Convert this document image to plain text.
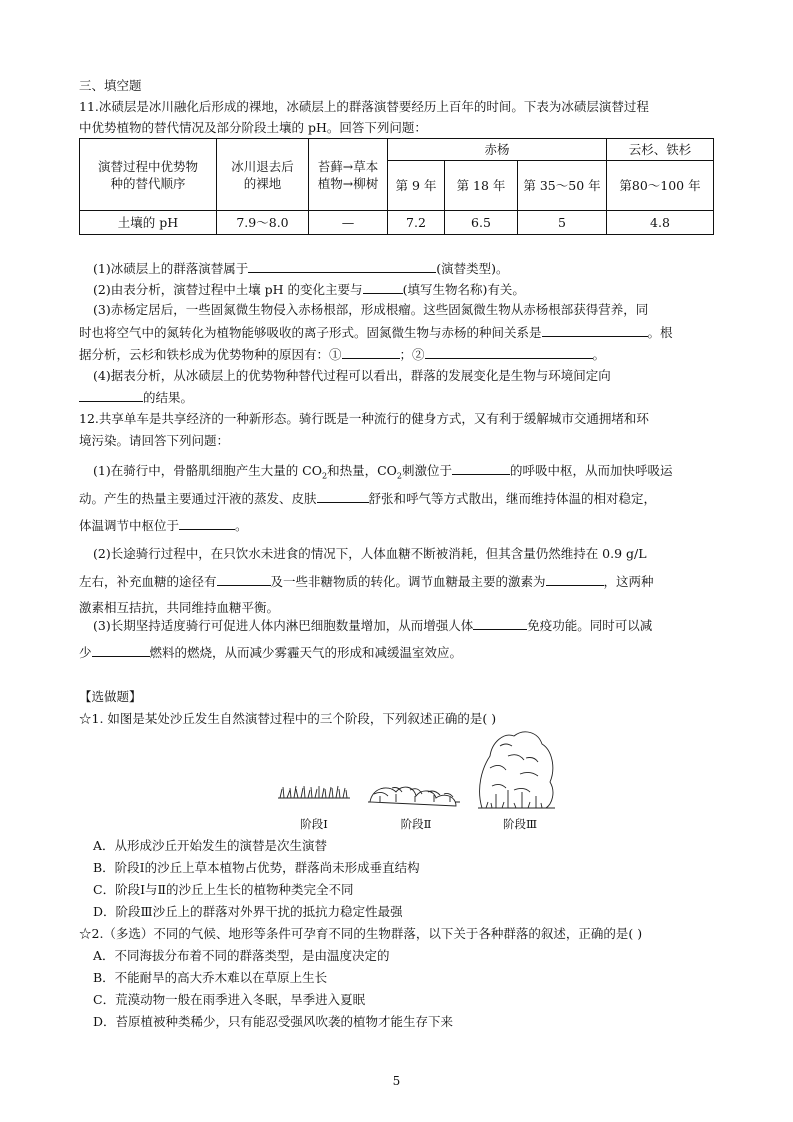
三、填空题
11.冰碛层是冰川融化后形成的裸地，冰碛层上的群落演替要经历上百年的时间。下表为冰碛层演替过程
中优势植物的替代情况及部分阶段土壤的 pH。回答下列问题：
演替过程中优势物种的替代顺序	冰川退去后的裸地	苔藓→草本植物→柳树	赤杨			云杉、铁杉
			第 9 年	第 18 年	第 35～50 年	第80～100 年
土壤的 pH	7.9～8.0	—	7.2	6.5	5	4.8
(1)冰碛层上的群落演替属于	(演替类型)。
(2)由表分析，演替过程中土壤 pH 的变化主要与	(填写生物名称)有关。
(3)赤杨定居后，一些固氮微生物侵入赤杨根部，形成根瘤。这些固氮微生物从赤杨根部获得营养，同
时也将空气中的氮转化为植物能够吸收的离子形式。固氮微生物与赤杨的种间关系是	。根
据分析，云杉和铁杉成为优势物种的原因有：①	；②	。
(4)据表分析，从冰碛层上的优势物种替代过程可以看出，群落的发展变化是生物与环境间定向
的结果。
12.共享单车是共享经济的一种新形态。骑行既是一种流行的健身方式，又有利于缓解城市交通拥堵和环
境污染。请回答下列问题：
(1)在骑行中，骨骼肌细胞产生大量的 $CO_2$和热量，$CO_2$刺激位于	的呼吸中枢，从而加快呼吸运
动。产生的热量主要通过汗液的蒸发、皮肤	舒张和呼气等方式散出，继而维持体温的相对稳定，
体温调节中枢位于	。
(2)长途骑行过程中，在只饮水未进食的情况下，人体血糖不断被消耗，但其含量仍然维持在 0.9 g/L
左右，补充血糖的途径有	及一些非糖物质的转化。调节血糖最主要的激素为	，这两种
激素相互拮抗，共同维持血糖平衡。
(3)长期坚持适度骑行可促进人体内淋巴细胞数量增加，从而增强人体	免疫功能。同时可以减
少	燃料的燃烧，从而减少雾霾天气的形成和减缓温室效应。
【选做题】
☆1. 如图是某处沙丘发生自然演替过程中的三个阶段，下列叙述正确的是( )
阶段Ⅰ	阶段Ⅱ	阶段Ⅲ
A．从形成沙丘开始发生的演替是次生演替
B．阶段Ⅰ的沙丘上草本植物占优势，群落尚未形成垂直结构
C．阶段Ⅰ与Ⅱ的沙丘上生长的植物种类完全不同
D．阶段Ⅲ沙丘上的群落对外界干扰的抵抗力稳定性最强
☆2.（多选）不同的气候、地形等条件可孕育不同的生物群落，以下关于各种群落的叙述，正确的是( )
A．不同海拔分布着不同的群落类型，是由温度决定的
B．不能耐旱的高大乔木难以在草原上生长
C．荒漠动物一般在雨季进入冬眠，旱季进入夏眠
D．苔原植被种类稀少，只有能忍受强风吹袭的植物才能生存下来
5
